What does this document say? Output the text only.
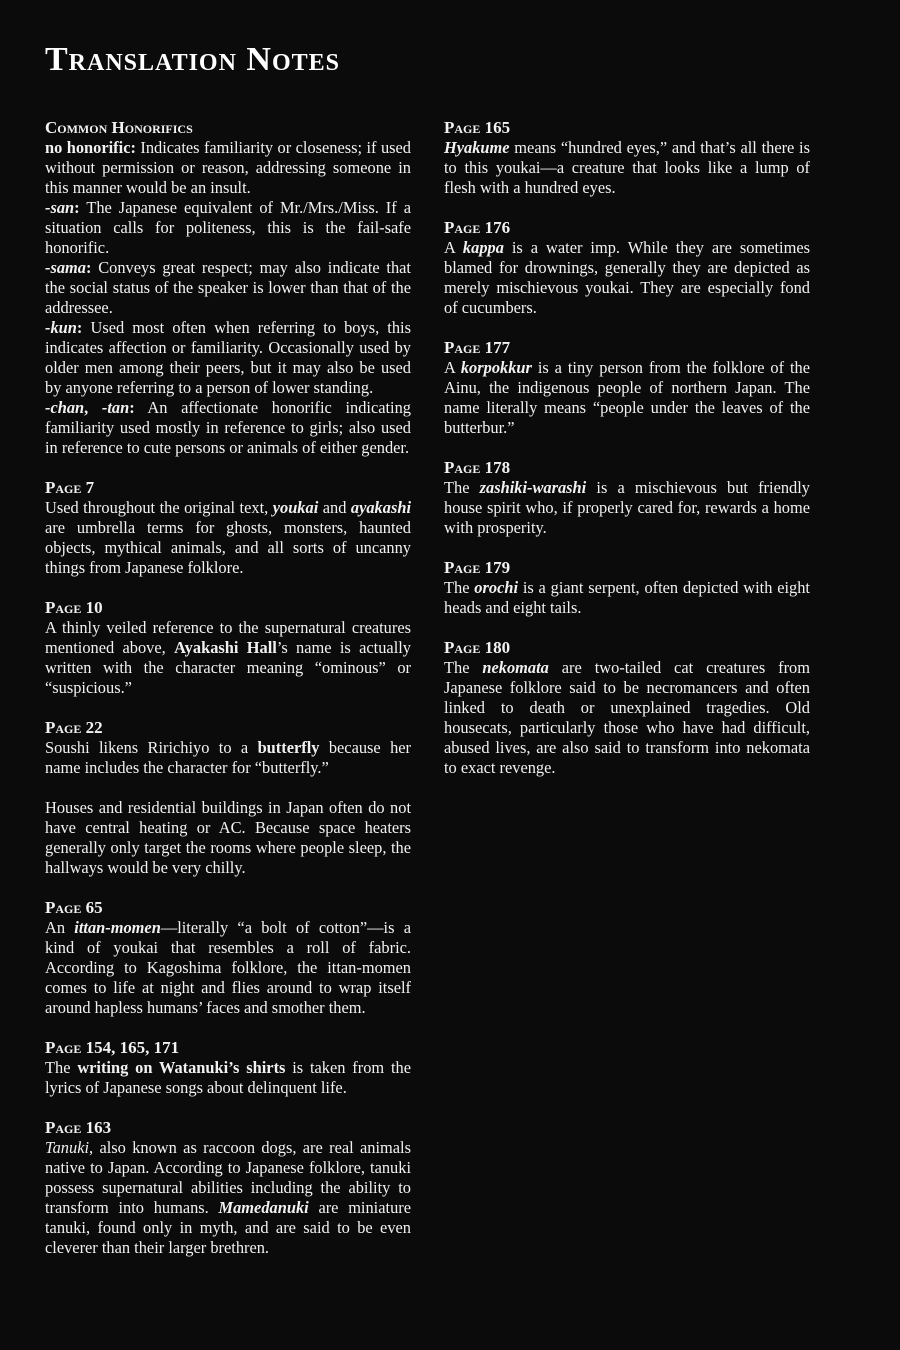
Translation Notes
Common Honorifics

no honorific: Indicates familiarity or closeness; if used without permission or reason, addressing someone in this manner would be an insult.

-san: The Japanese equivalent of Mr./Mrs./Miss. If a situation calls for politeness, this is the fail-safe honorific.

-sama: Conveys great respect; may also indicate that the social status of the speaker is lower than that of the addressee.

-kun: Used most often when referring to boys, this indicates affection or familiarity. Occasionally used by older men among their peers, but it may also be used by anyone referring to a person of lower standing.

-chan, -tan: An affectionate honorific indicating familiarity used mostly in reference to girls; also used in reference to cute persons or animals of either gender.

Page 7

Used throughout the original text, youkai and ayakashi are umbrella terms for ghosts, monsters, haunted objects, mythical animals, and all sorts of uncanny things from Japanese folklore.

Page 10

A thinly veiled reference to the supernatural creatures mentioned above, Ayakashi Hall’s name is actually written with the character meaning “ominous” or “suspicious.”

Page 22

Soushi likens Ririchiyo to a butterfly because her name includes the character for “butterfly.”

Houses and residential buildings in Japan often do not have central heating or AC. Because space heaters generally only target the rooms where people sleep, the hallways would be very chilly.

Page 65

An ittan-momen—literally “a bolt of cotton”—is a kind of youkai that resembles a roll of fabric. According to Kagoshima folklore, the ittan-momen comes to life at night and flies around to wrap itself around hapless humans’ faces and smother them.

Page 154, 165, 171

The writing on Watanuki’s shirts is taken from the lyrics of Japanese songs about delinquent life.

Page 163

Tanuki, also known as raccoon dogs, are real animals native to Japan. According to Japanese folklore, tanuki possess supernatural abilities including the ability to transform into humans. Mamedanuki are miniature tanuki, found only in myth, and are said to be even cleverer than their larger brethren.

Page 165

Hyakume means “hundred eyes,” and that’s all there is to this youkai—a creature that looks like a lump of flesh with a hundred eyes.

Page 176

A kappa is a water imp. While they are sometimes blamed for drownings, generally they are depicted as merely mischievous youkai. They are especially fond of cucumbers.

Page 177

A korpokkur is a tiny person from the folklore of the Ainu, the indigenous people of northern Japan. The name literally means “people under the leaves of the butterbur.”

Page 178

The zashiki-warashi is a mischievous but friendly house spirit who, if properly cared for, rewards a home with prosperity.

Page 179

The orochi is a giant serpent, often depicted with eight heads and eight tails.

Page 180

The nekomata are two-tailed cat creatures from Japanese folklore said to be necromancers and often linked to death or unexplained tragedies. Old housecats, particularly those who have had difficult, abused lives, are also said to transform into nekomata to exact revenge.
